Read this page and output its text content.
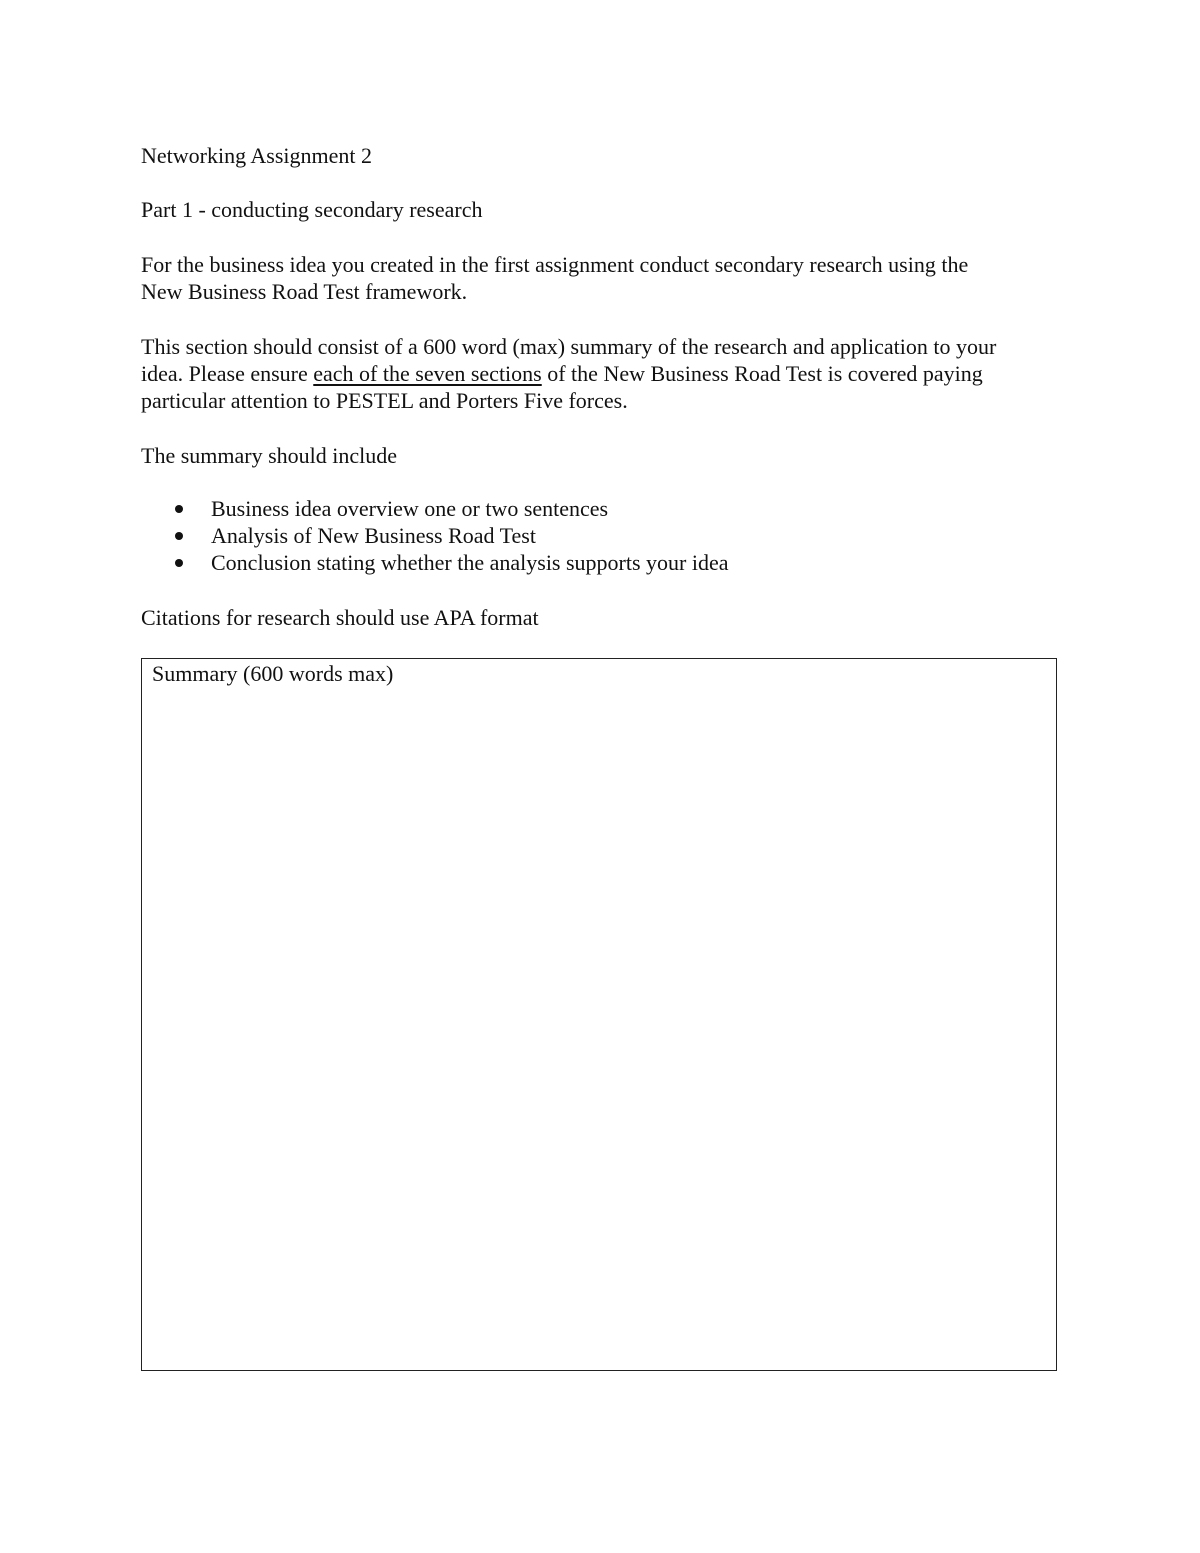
Networking Assignment 2
Part 1 - conducting secondary research
For the business idea you created in the first assignment conduct secondary research using the
New Business Road Test framework.
This section should consist of a 600 word (max) summary of the research and application to your
idea. Please ensure each of the seven sections of the New Business Road Test is covered paying
particular attention to PESTEL and Porters Five forces.
The summary should include
Business idea overview one or two sentences
Analysis of New Business Road Test
Conclusion stating whether the analysis supports your idea
Citations for research should use APA format
Summary (600 words max)
